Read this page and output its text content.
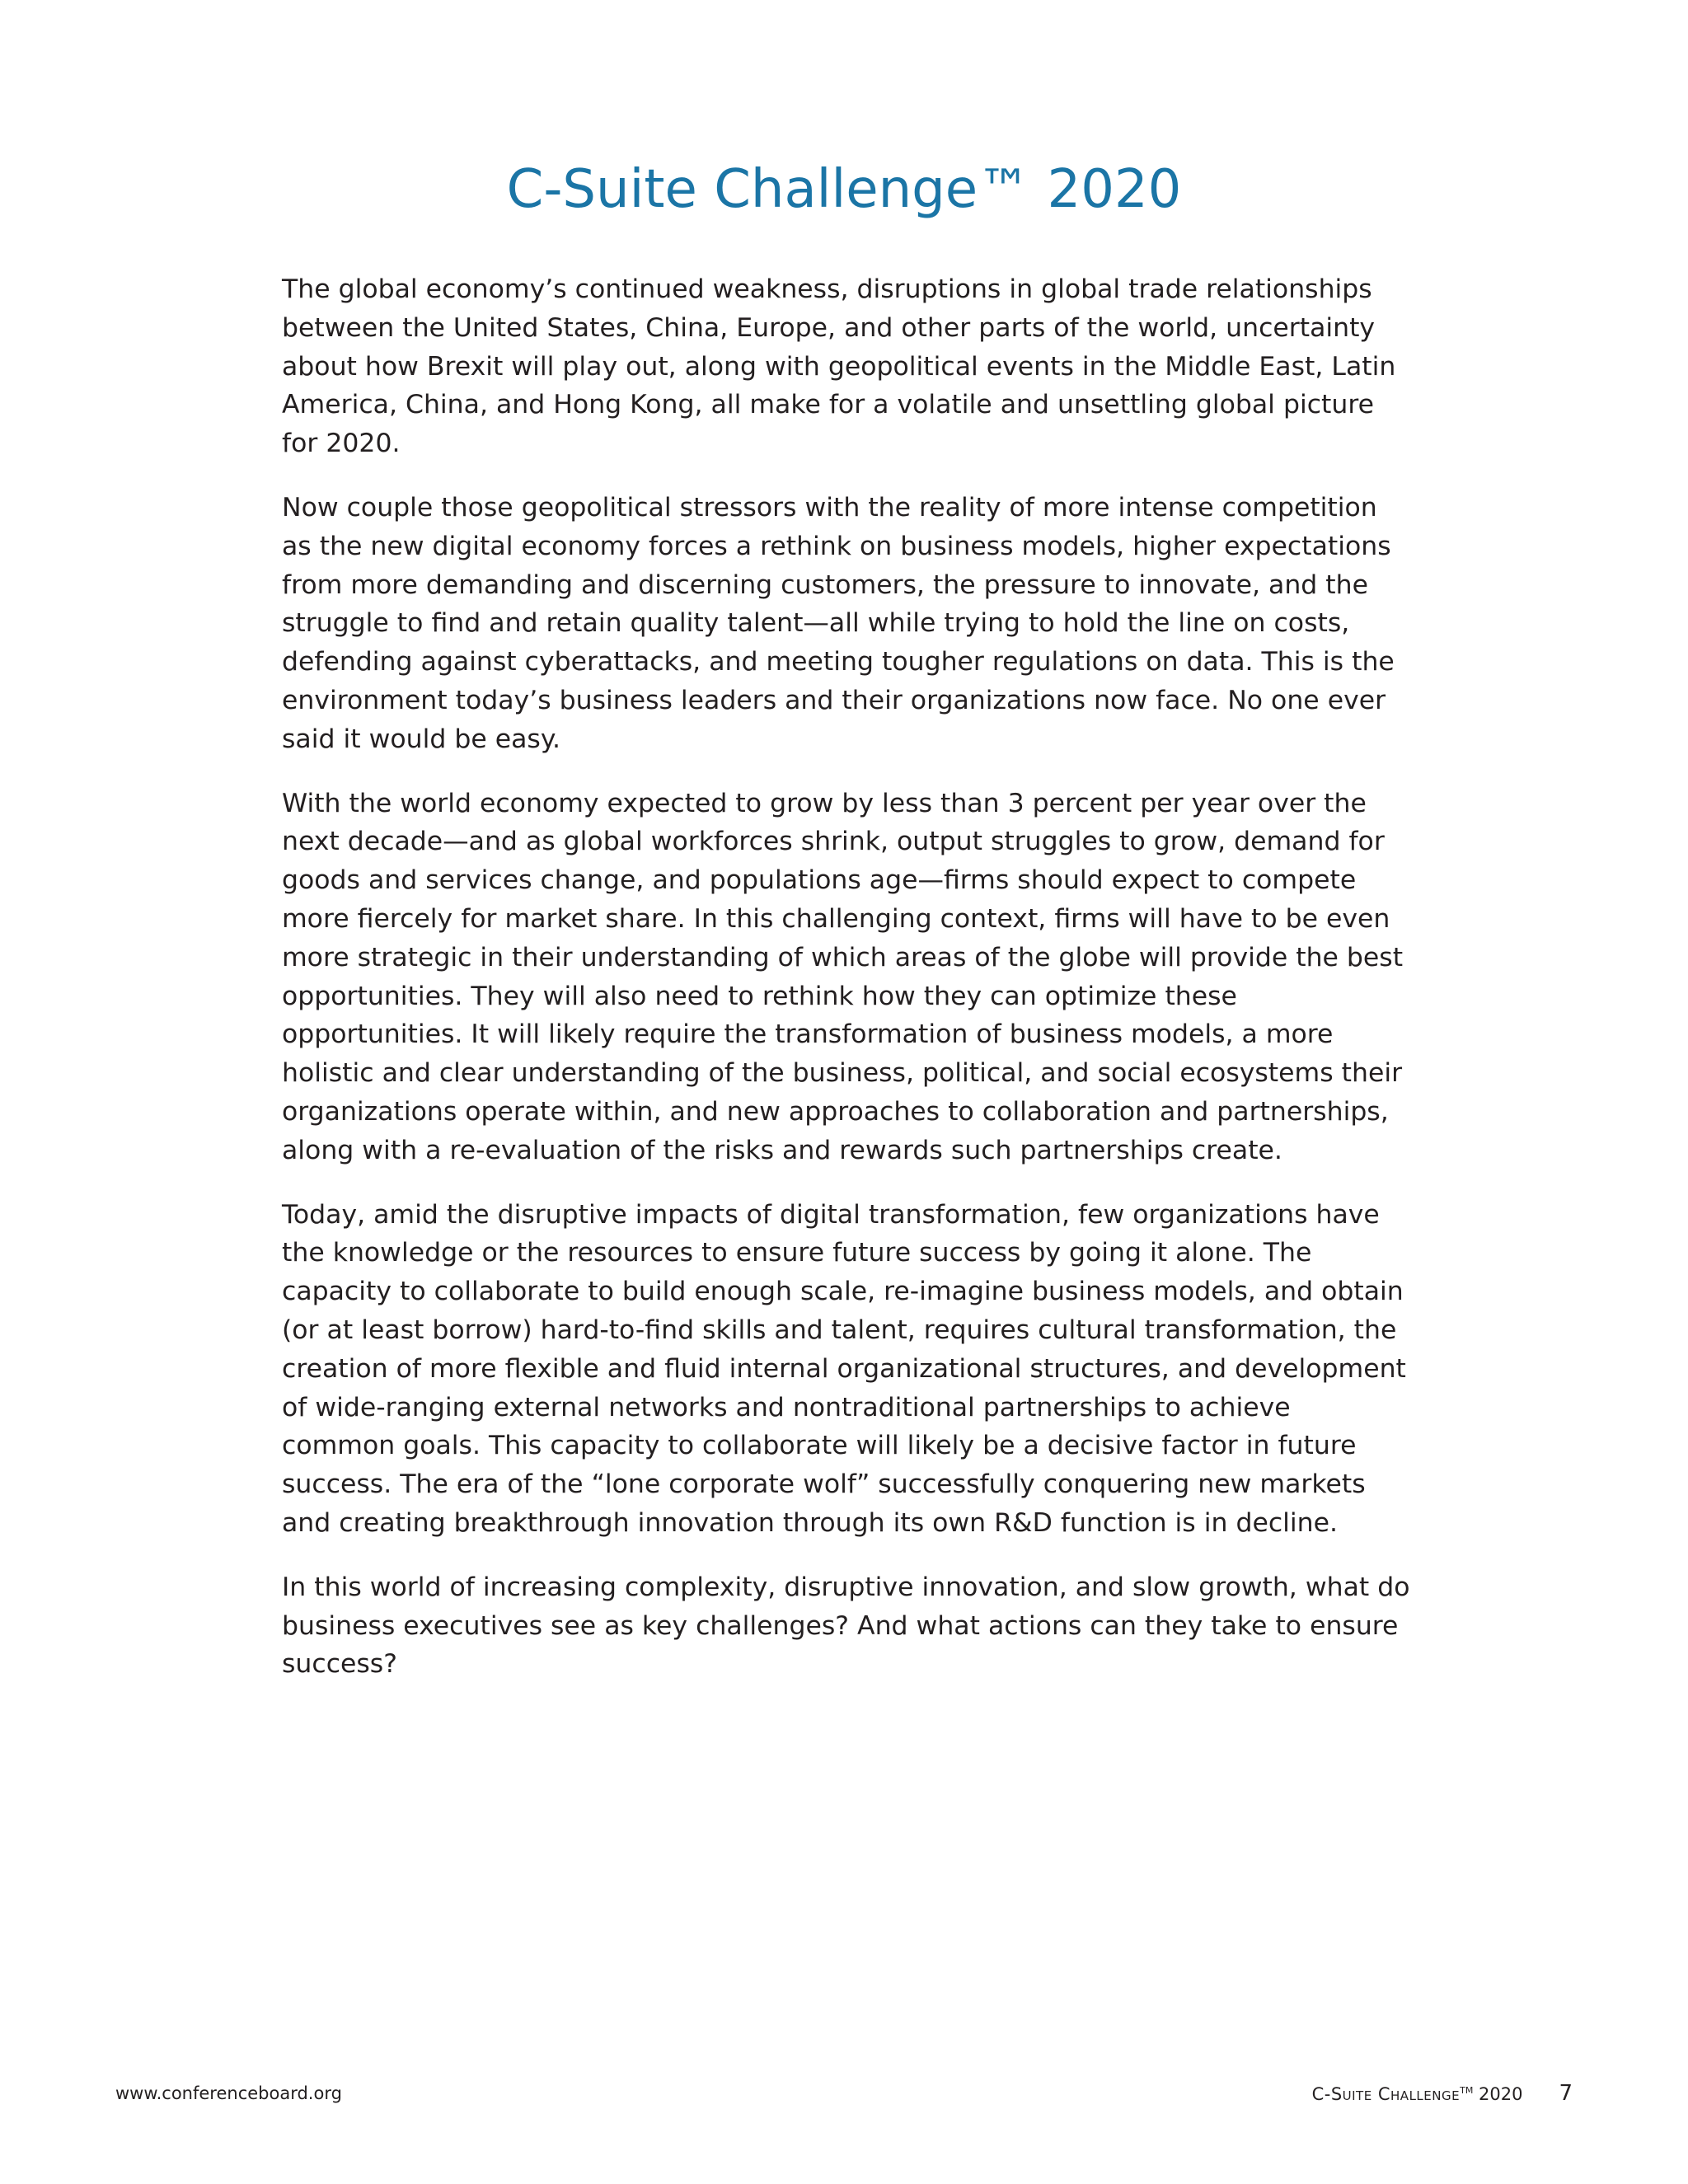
C-Suite Challenge™ 2020

The global economy’s continued weakness, disruptions in global trade relationships between the United States, China, Europe, and other parts of the world, uncertainty about how Brexit will play out, along with geopolitical events in the Middle East, Latin America, China, and Hong Kong, all make for a volatile and unsettling global picture for 2020.

Now couple those geopolitical stressors with the reality of more intense competition as the new digital economy forces a rethink on business models, higher expectations from more demanding and discerning customers, the pressure to innovate, and the struggle to find and retain quality talent—all while trying to hold the line on costs, defending against cyberattacks, and meeting tougher regulations on data. This is the environment today’s business leaders and their organizations now face. No one ever said it would be easy.

With the world economy expected to grow by less than 3 percent per year over the next decade—and as global workforces shrink, output struggles to grow, demand for goods and services change, and populations age—firms should expect to compete more fiercely for market share. In this challenging context, firms will have to be even more strategic in their understanding of which areas of the globe will provide the best opportunities. They will also need to rethink how they can optimize these opportunities. It will likely require the transformation of business models, a more holistic and clear understanding of the business, political, and social ecosystems their organizations operate within, and new approaches to collaboration and partnerships, along with a re-evaluation of the risks and rewards such partnerships create.

Today, amid the disruptive impacts of digital transformation, few organizations have the knowledge or the resources to ensure future success by going it alone. The capacity to collaborate to build enough scale, re-imagine business models, and obtain (or at least borrow) hard-to-find skills and talent, requires cultural transformation, the creation of more flexible and fluid internal organizational structures, and development of wide-ranging external networks and nontraditional partnerships to achieve common goals. This capacity to collaborate will likely be a decisive factor in future success. The era of the “lone corporate wolf” successfully conquering new markets and creating breakthrough innovation through its own R&D function is in decline.

In this world of increasing complexity, disruptive innovation, and slow growth, what do business executives see as key challenges? And what actions can they take to ensure success?

www.conferenceboard.org	C-Suite Challenge™ 2020 7
